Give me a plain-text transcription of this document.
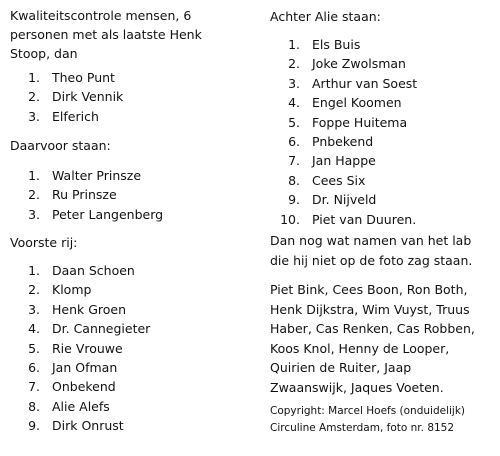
Kwaliteitscontrole mensen, 6
personen met als laatste Henk
Stoop, dan
1. Theo Punt
2. Dirk Vennik
3. Elferich
Daarvoor staan:
1. Walter Prinsze
2. Ru Prinsze
3. Peter Langenberg
Voorste rij:
1. Daan Schoen
2. Klomp
3. Henk Groen
4. Dr. Cannegieter
5. Rie Vrouwe
6. Jan Ofman
7. Onbekend
8. Alie Alefs
9. Dirk Onrust
Achter Alie staan:
1. Els Buis
2. Joke Zwolsman
3. Arthur van Soest
4. Engel Koomen
5. Foppe Huitema
6. Pnbekend
7. Jan Happe
8. Cees Six
9. Dr. Nijveld
10. Piet van Duuren.
Dan nog wat namen van het lab
die hij niet op de foto zag staan.
Piet Bink, Cees Boon, Ron Both,
Henk Dijkstra, Wim Vuyst, Truus
Haber, Cas Renken, Cas Robben,
Koos Knol, Henny de Looper,
Quirien de Ruiter, Jaap
Zwaanswijk, Jaques Voeten.
Copyright: Marcel Hoefs (onduidelijk)
Circuline Amsterdam, foto nr. 8152
